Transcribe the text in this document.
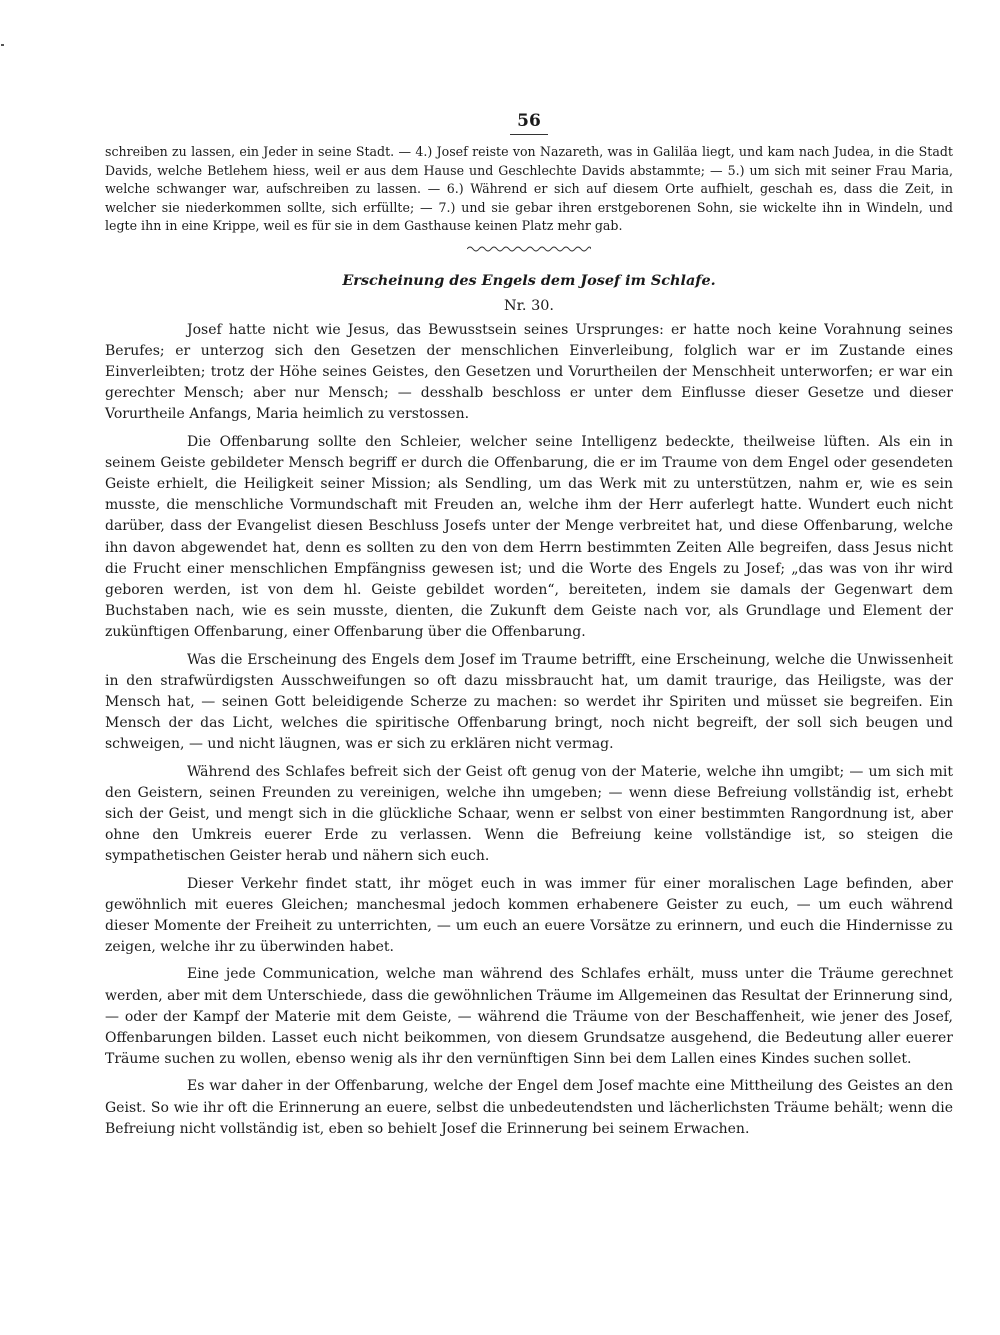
56

schreiben zu lassen, ein Jeder in seine Stadt. — 4.) Josef reiste von Nazareth, was in Galiläa liegt, und kam nach Judea, in die Stadt Davids, welche Betlehem hiess, weil er aus dem Hause und Geschlechte Davids abstammte; — 5.) um sich mit seiner Frau Maria, welche schwanger war, aufschreiben zu lassen. — 6.) Während er sich auf diesem Orte aufhielt, geschah es, dass die Zeit, in welcher sie niederkommen sollte, sich erfüllte; — 7.) und sie gebar ihren erstgeborenen Sohn, sie wickelte ihn in Windeln, und legte ihn in eine Krippe, weil es für sie in dem Gasthause keinen Platz mehr gab.

Erscheinung des Engels dem Josef im Schlafe.
Nr. 30.

Josef hatte nicht wie Jesus, das Bewusstsein seines Ursprunges: er hatte noch keine Vorahnung seines Berufes; er unterzog sich den Gesetzen der menschlichen Einverleibung, folglich war er im Zustande eines Einverleibten; trotz der Höhe seines Geistes, den Gesetzen und Vorurtheilen der Menschheit unterworfen; er war ein gerechter Mensch; aber nur Mensch; — desshalb beschloss er unter dem Einflusse dieser Gesetze und dieser Vorurtheile Anfangs, Maria heimlich zu verstossen.

Die Offenbarung sollte den Schleier, welcher seine Intelligenz bedeckte, theilweise lüften. Als ein in seinem Geiste gebildeter Mensch begriff er durch die Offenbarung, die er im Traume von dem Engel oder gesendeten Geiste erhielt, die Heiligkeit seiner Mission; als Sendling, um das Werk mit zu unterstützen, nahm er, wie es sein musste, die menschliche Vormundschaft mit Freuden an, welche ihm der Herr auferlegt hatte. Wundert euch nicht darüber, dass der Evangelist diesen Beschluss Josefs unter der Menge verbreitet hat, und diese Offenbarung, welche ihn davon abgewendet hat, denn es sollten zu den von dem Herrn bestimmten Zeiten Alle begreifen, dass Jesus nicht die Frucht einer menschlichen Empfängniss gewesen ist; und die Worte des Engels zu Josef; „das was von ihr wird geboren werden, ist von dem hl. Geiste gebildet worden“, bereiteten, indem sie damals der Gegenwart dem Buchstaben nach, wie es sein musste, dienten, die Zukunft dem Geiste nach vor, als Grundlage und Element der zukünftigen Offenbarung, einer Offenbarung über die Offenbarung.

Was die Erscheinung des Engels dem Josef im Traume betrifft, eine Erscheinung, welche die Unwissenheit in den strafwürdigsten Ausschweifungen so oft dazu missbraucht hat, um damit traurige, das Heiligste, was der Mensch hat, — seinen Gott beleidigende Scherze zu machen: so werdet ihr Spiriten und müsset sie begreifen. Ein Mensch der das Licht, welches die spiritische Offenbarung bringt, noch nicht begreift, der soll sich beugen und schweigen, — und nicht läugnen, was er sich zu erklären nicht vermag.

Während des Schlafes befreit sich der Geist oft genug von der Materie, welche ihn umgibt; — um sich mit den Geistern, seinen Freunden zu vereinigen, welche ihn umgeben; — wenn diese Befreiung vollständig ist, erhebt sich der Geist, und mengt sich in die glückliche Schaar, wenn er selbst von einer bestimmten Rangordnung ist, aber ohne den Umkreis euerer Erde zu verlassen. Wenn die Befreiung keine vollständige ist, so steigen die sympathetischen Geister herab und nähern sich euch.

Dieser Verkehr findet statt, ihr möget euch in was immer für einer moralischen Lage befinden, aber gewöhnlich mit eueres Gleichen; manchesmal jedoch kommen erhabenere Geister zu euch, — um euch während dieser Momente der Freiheit zu unterrichten, — um euch an euere Vorsätze zu erinnern, und euch die Hindernisse zu zeigen, welche ihr zu überwinden habet.

Eine jede Communication, welche man während des Schlafes erhält, muss unter die Träume gerechnet werden, aber mit dem Unterschiede, dass die gewöhnlichen Träume im Allgemeinen das Resultat der Erinnerung sind, — oder der Kampf der Materie mit dem Geiste, — während die Träume von der Beschaffenheit, wie jener des Josef, Offenbarungen bilden. Lasset euch nicht beikommen, von diesem Grundsatze ausgehend, die Bedeutung aller euerer Träume suchen zu wollen, ebenso wenig als ihr den vernünftigen Sinn bei dem Lallen eines Kindes suchen sollet.

Es war daher in der Offenbarung, welche der Engel dem Josef machte eine Mittheilung des Geistes an den Geist. So wie ihr oft die Erinnerung an euere, selbst die unbedeutendsten und lächerlichsten Träume behält; wenn die Befreiung nicht vollständig ist, eben so behielt Josef die Erinnerung bei seinem Erwachen.
